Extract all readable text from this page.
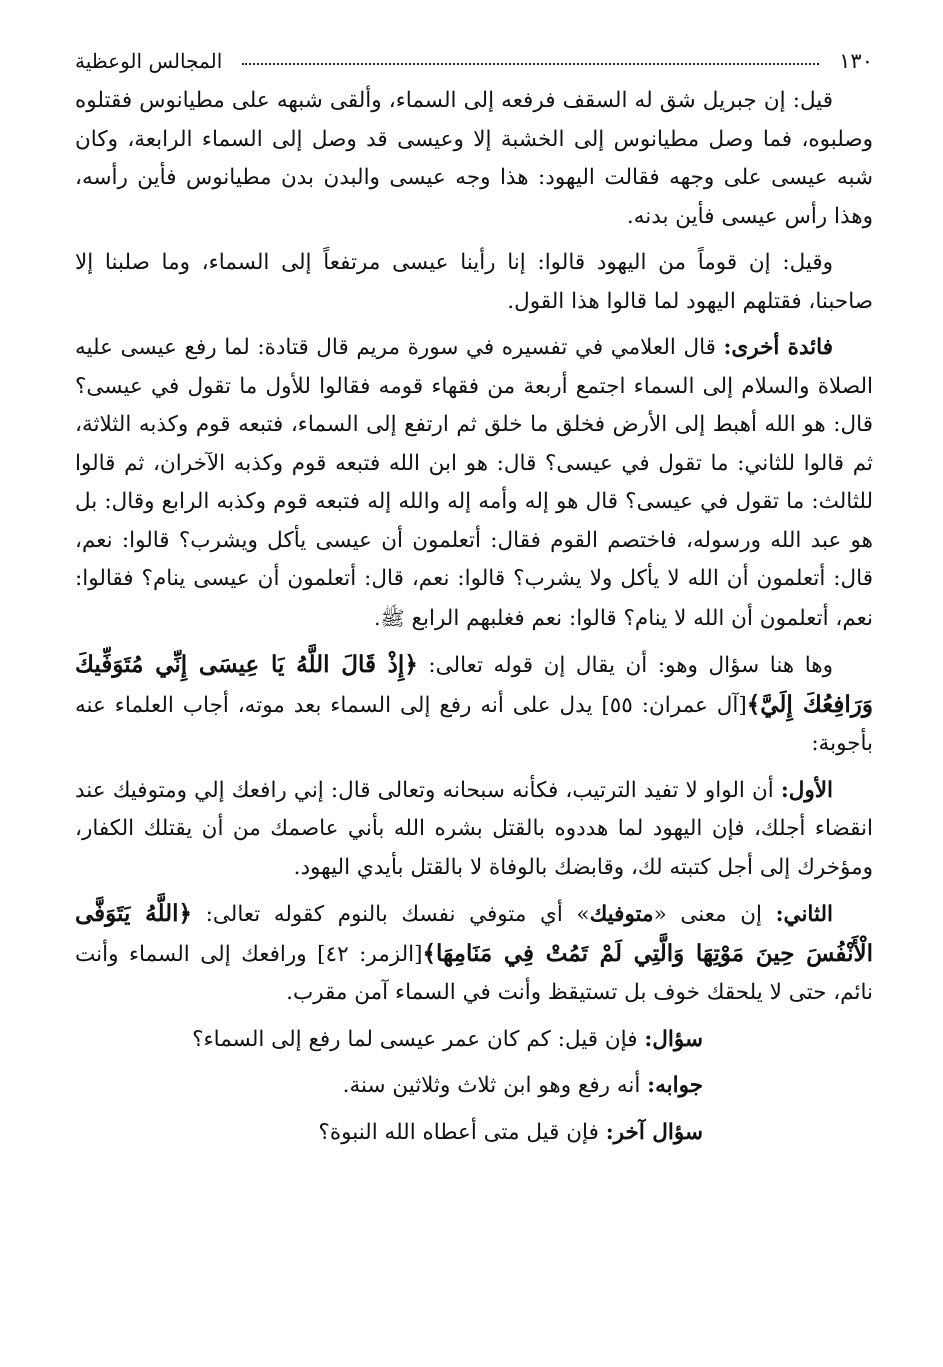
١٣٠
المجالس الوعظية

قيل: إن جبريل شق له السقف فرفعه إلى السماء، وألقى شبهه على مطيانوس فقتلوه وصلبوه، فما وصل مطيانوس إلى الخشبة إلا وعيسى قد وصل إلى السماء الرابعة، وكان شبه عيسى على وجهه فقالت اليهود: هذا وجه عيسى والبدن بدن مطيانوس فأين رأسه، وهذا رأس عيسى فأين بدنه.

وقيل: إن قوماً من اليهود قالوا: إنا رأينا عيسى مرتفعاً إلى السماء، وما صلبنا إلا صاحبنا، فقتلهم اليهود لما قالوا هذا القول.

فائدة أخرى: قال العلامي في تفسيره في سورة مريم قال قتادة: لما رفع عيسى عليه الصلاة والسلام إلى السماء اجتمع أربعة من فقهاء قومه فقالوا للأول ما تقول في عيسى؟ قال: هو الله أهبط إلى الأرض فخلق ما خلق ثم ارتفع إلى السماء، فتبعه قوم وكذبه الثلاثة، ثم قالوا للثاني: ما تقول في عيسى؟ قال: هو ابن الله فتبعه قوم وكذبه الآخران، ثم قالوا للثالث: ما تقول في عيسى؟ قال هو إله وأمه إله والله إله فتبعه قوم وكذبه الرابع وقال: بل هو عبد الله ورسوله، فاختصم القوم فقال: أتعلمون أن عيسى يأكل ويشرب؟ قالوا: نعم، قال: أتعلمون أن الله لا يأكل ولا يشرب؟ قالوا: نعم، قال: أتعلمون أن عيسى ينام؟ فقالوا: نعم، أتعلمون أن الله لا ينام؟ قالوا: نعم فغلبهم الرابع ﷺ.

وها هنا سؤال وهو: أن يقال إن قوله تعالى: ﴿إِذْ قَالَ اللَّهُ يَا عِيسَى إِنِّي مُتَوَفِّيكَ وَرَافِعُكَ إِلَيَّ﴾[آل عمران: ٥٥] يدل على أنه رفع إلى السماء بعد موته، أجاب العلماء عنه بأجوبة:

الأول: أن الواو لا تفيد الترتيب، فكأنه سبحانه وتعالى قال: إني رافعك إلي ومتوفيك عند انقضاء أجلك، فإن اليهود لما هددوه بالقتل بشره الله بأني عاصمك من أن يقتلك الكفار، ومؤخرك إلى أجل كتبته لك، وقابضك بالوفاة لا بالقتل بأيدي اليهود.

الثاني: إن معنى «متوفيك» أي متوفي نفسك بالنوم كقوله تعالى: ﴿اللَّهُ يَتَوَفَّى الْأَنْفُسَ حِينَ مَوْتِهَا وَالَّتِي لَمْ تَمُتْ فِي مَنَامِهَا﴾[الزمر: ٤٢] ورافعك إلى السماء وأنت نائم، حتى لا يلحقك خوف بل تستيقظ وأنت في السماء آمن مقرب.

سؤال: فإن قيل: كم كان عمر عيسى لما رفع إلى السماء؟

جوابه: أنه رفع وهو ابن ثلاث وثلاثين سنة.

سؤال آخر: فإن قيل متى أعطاه الله النبوة؟
